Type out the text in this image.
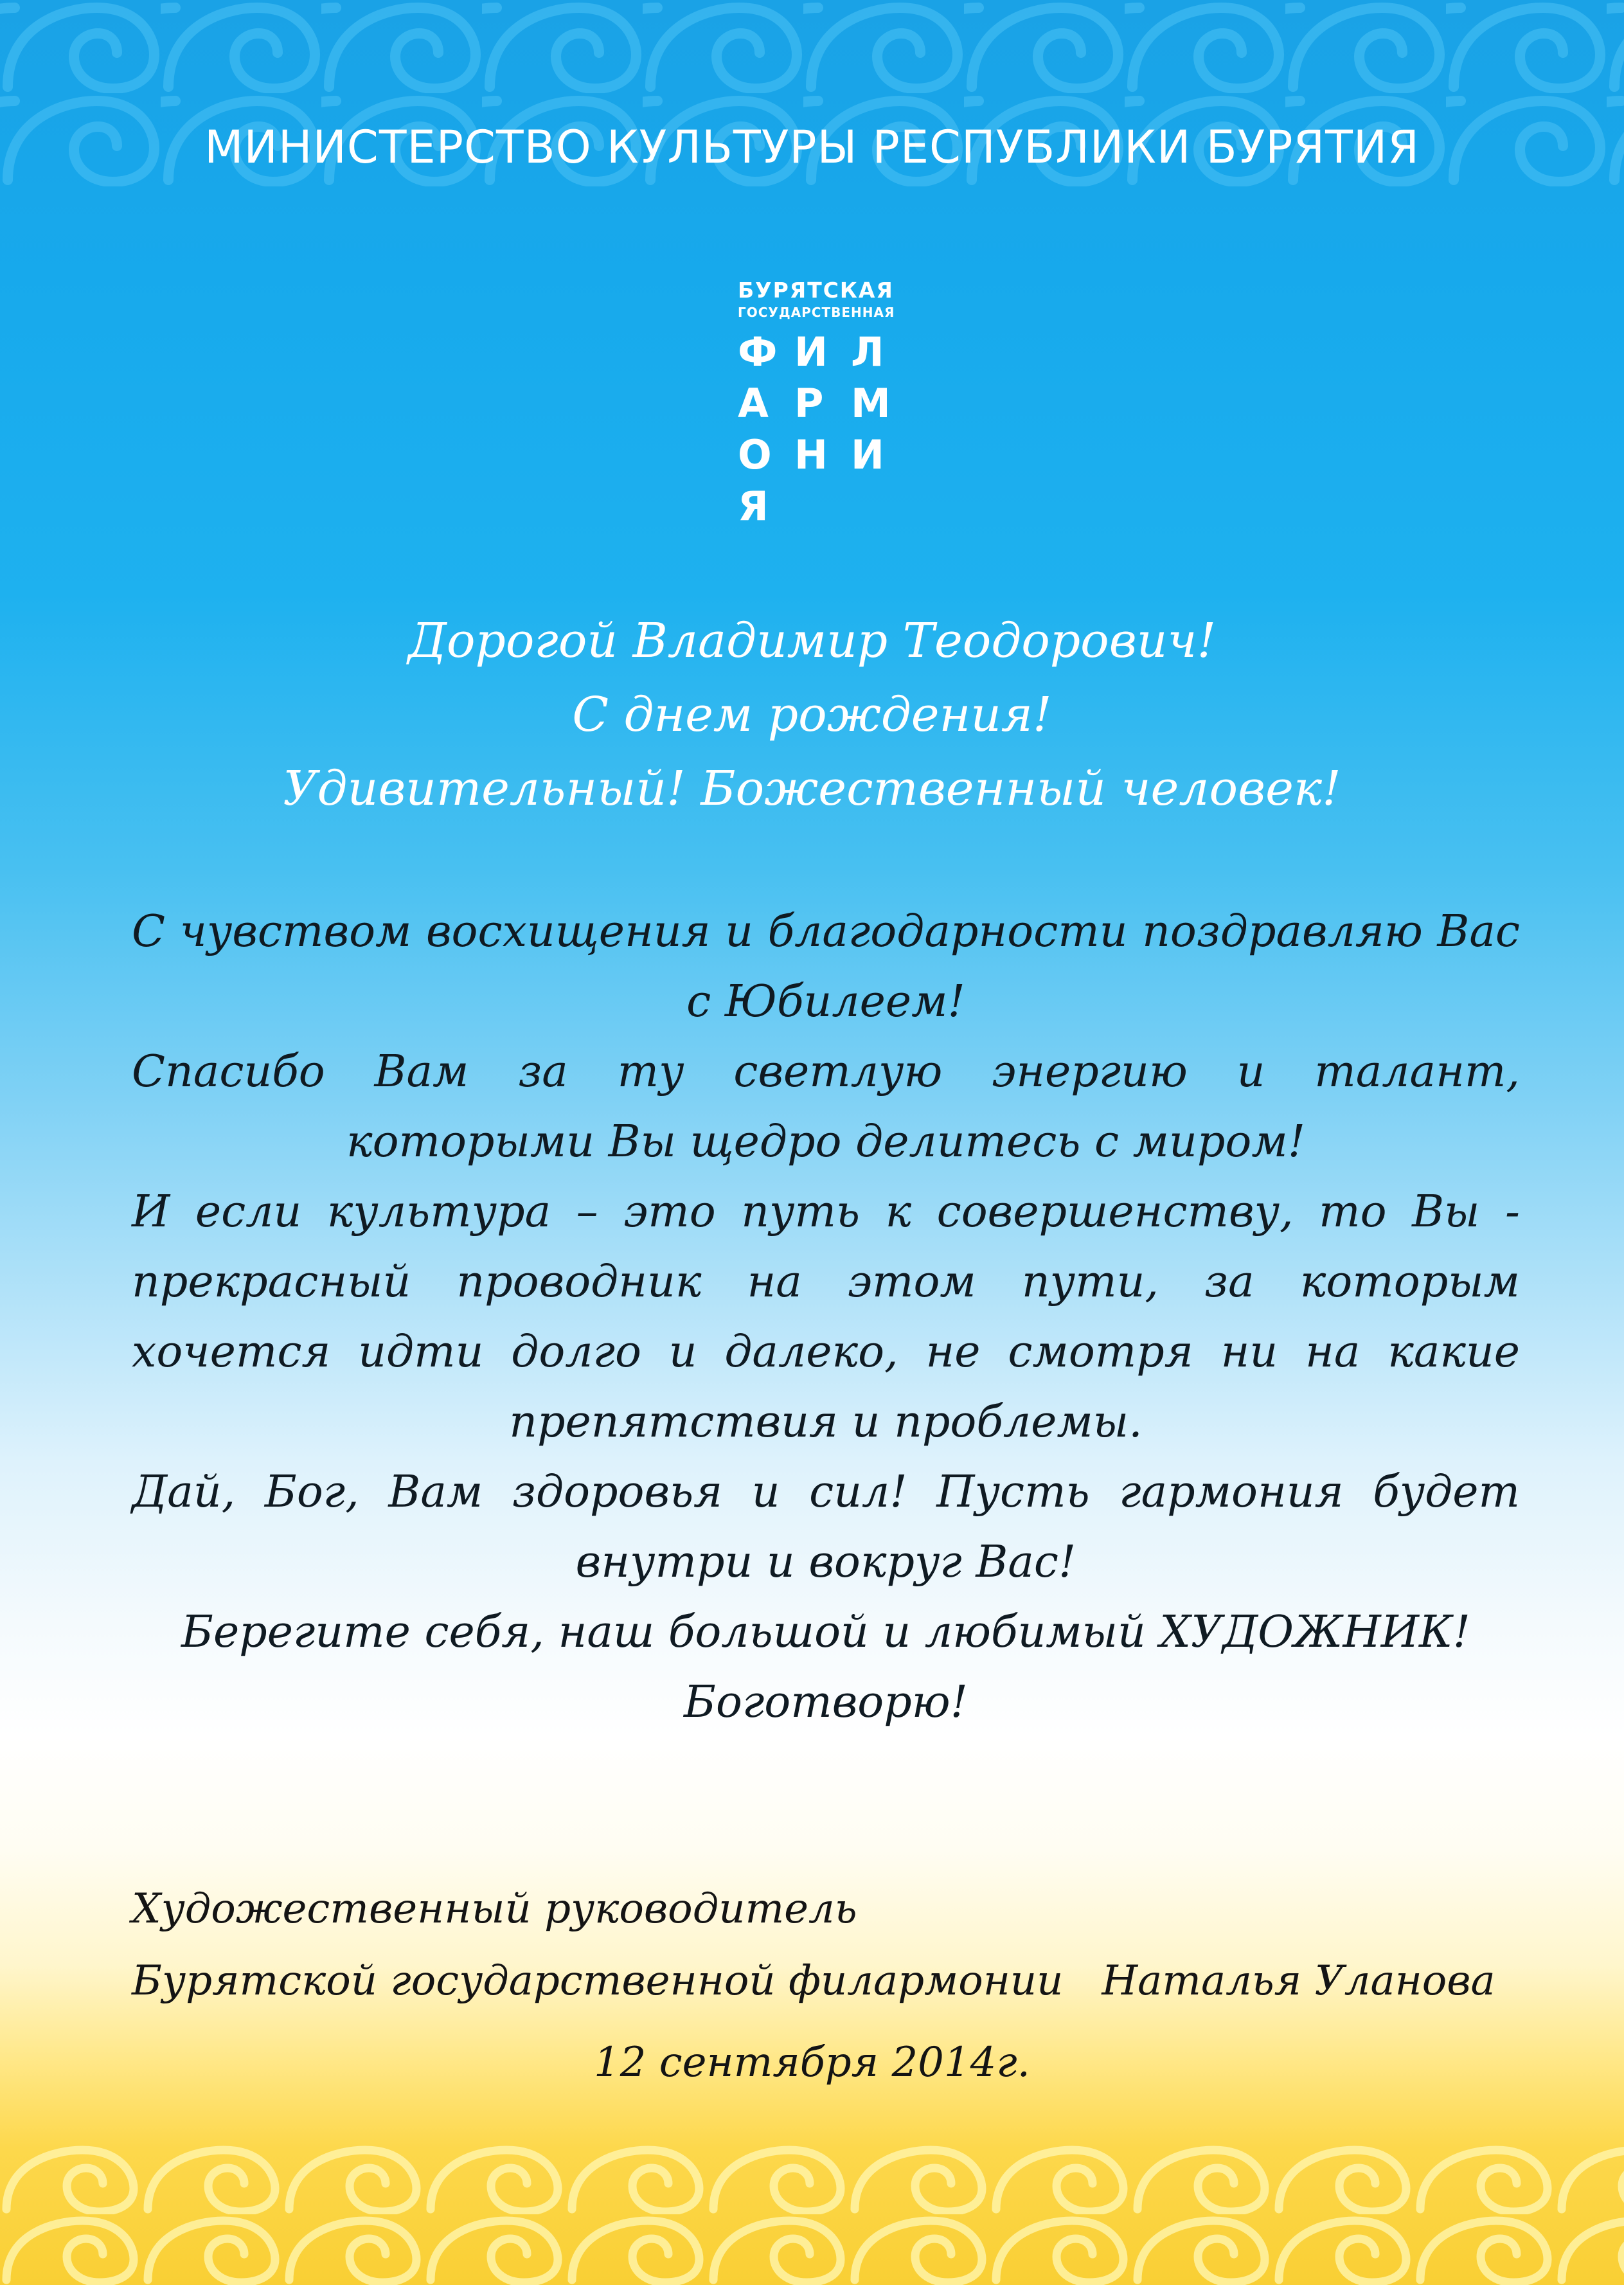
МИНИСТЕРСТВО КУЛЬТУРЫ РЕСПУБЛИКИ БУРЯТИЯ
БУРЯТСКАЯ
ГОСУДАРСТВЕННАЯ
Ф И Л
А Р М
О Н И
Я
Дорогой Владимир Теодорович!
С днем рождения!
Удивительный! Божественный человек!

С чувством восхищения и благодарности поздравляю Вас с Юбилеем!

Спасибо Вам за ту светлую энергию и талант, которыми Вы щедро делитесь с миром!

И если культура – это путь к совершенству, то Вы - прекрасный проводник на этом пути, за которым хочется идти долго и далеко, не смотря ни на какие препятствия и проблемы.

Дай, Бог, Вам здоровья и сил! Пусть гармония будет внутри и вокруг Вас!

Берегите себя, наш большой и любимый ХУДОЖНИК!

Боготворю!

Художественный руководитель
Бурятской государственной филармонии Наталья Уланова
12 сентября 2014г.
